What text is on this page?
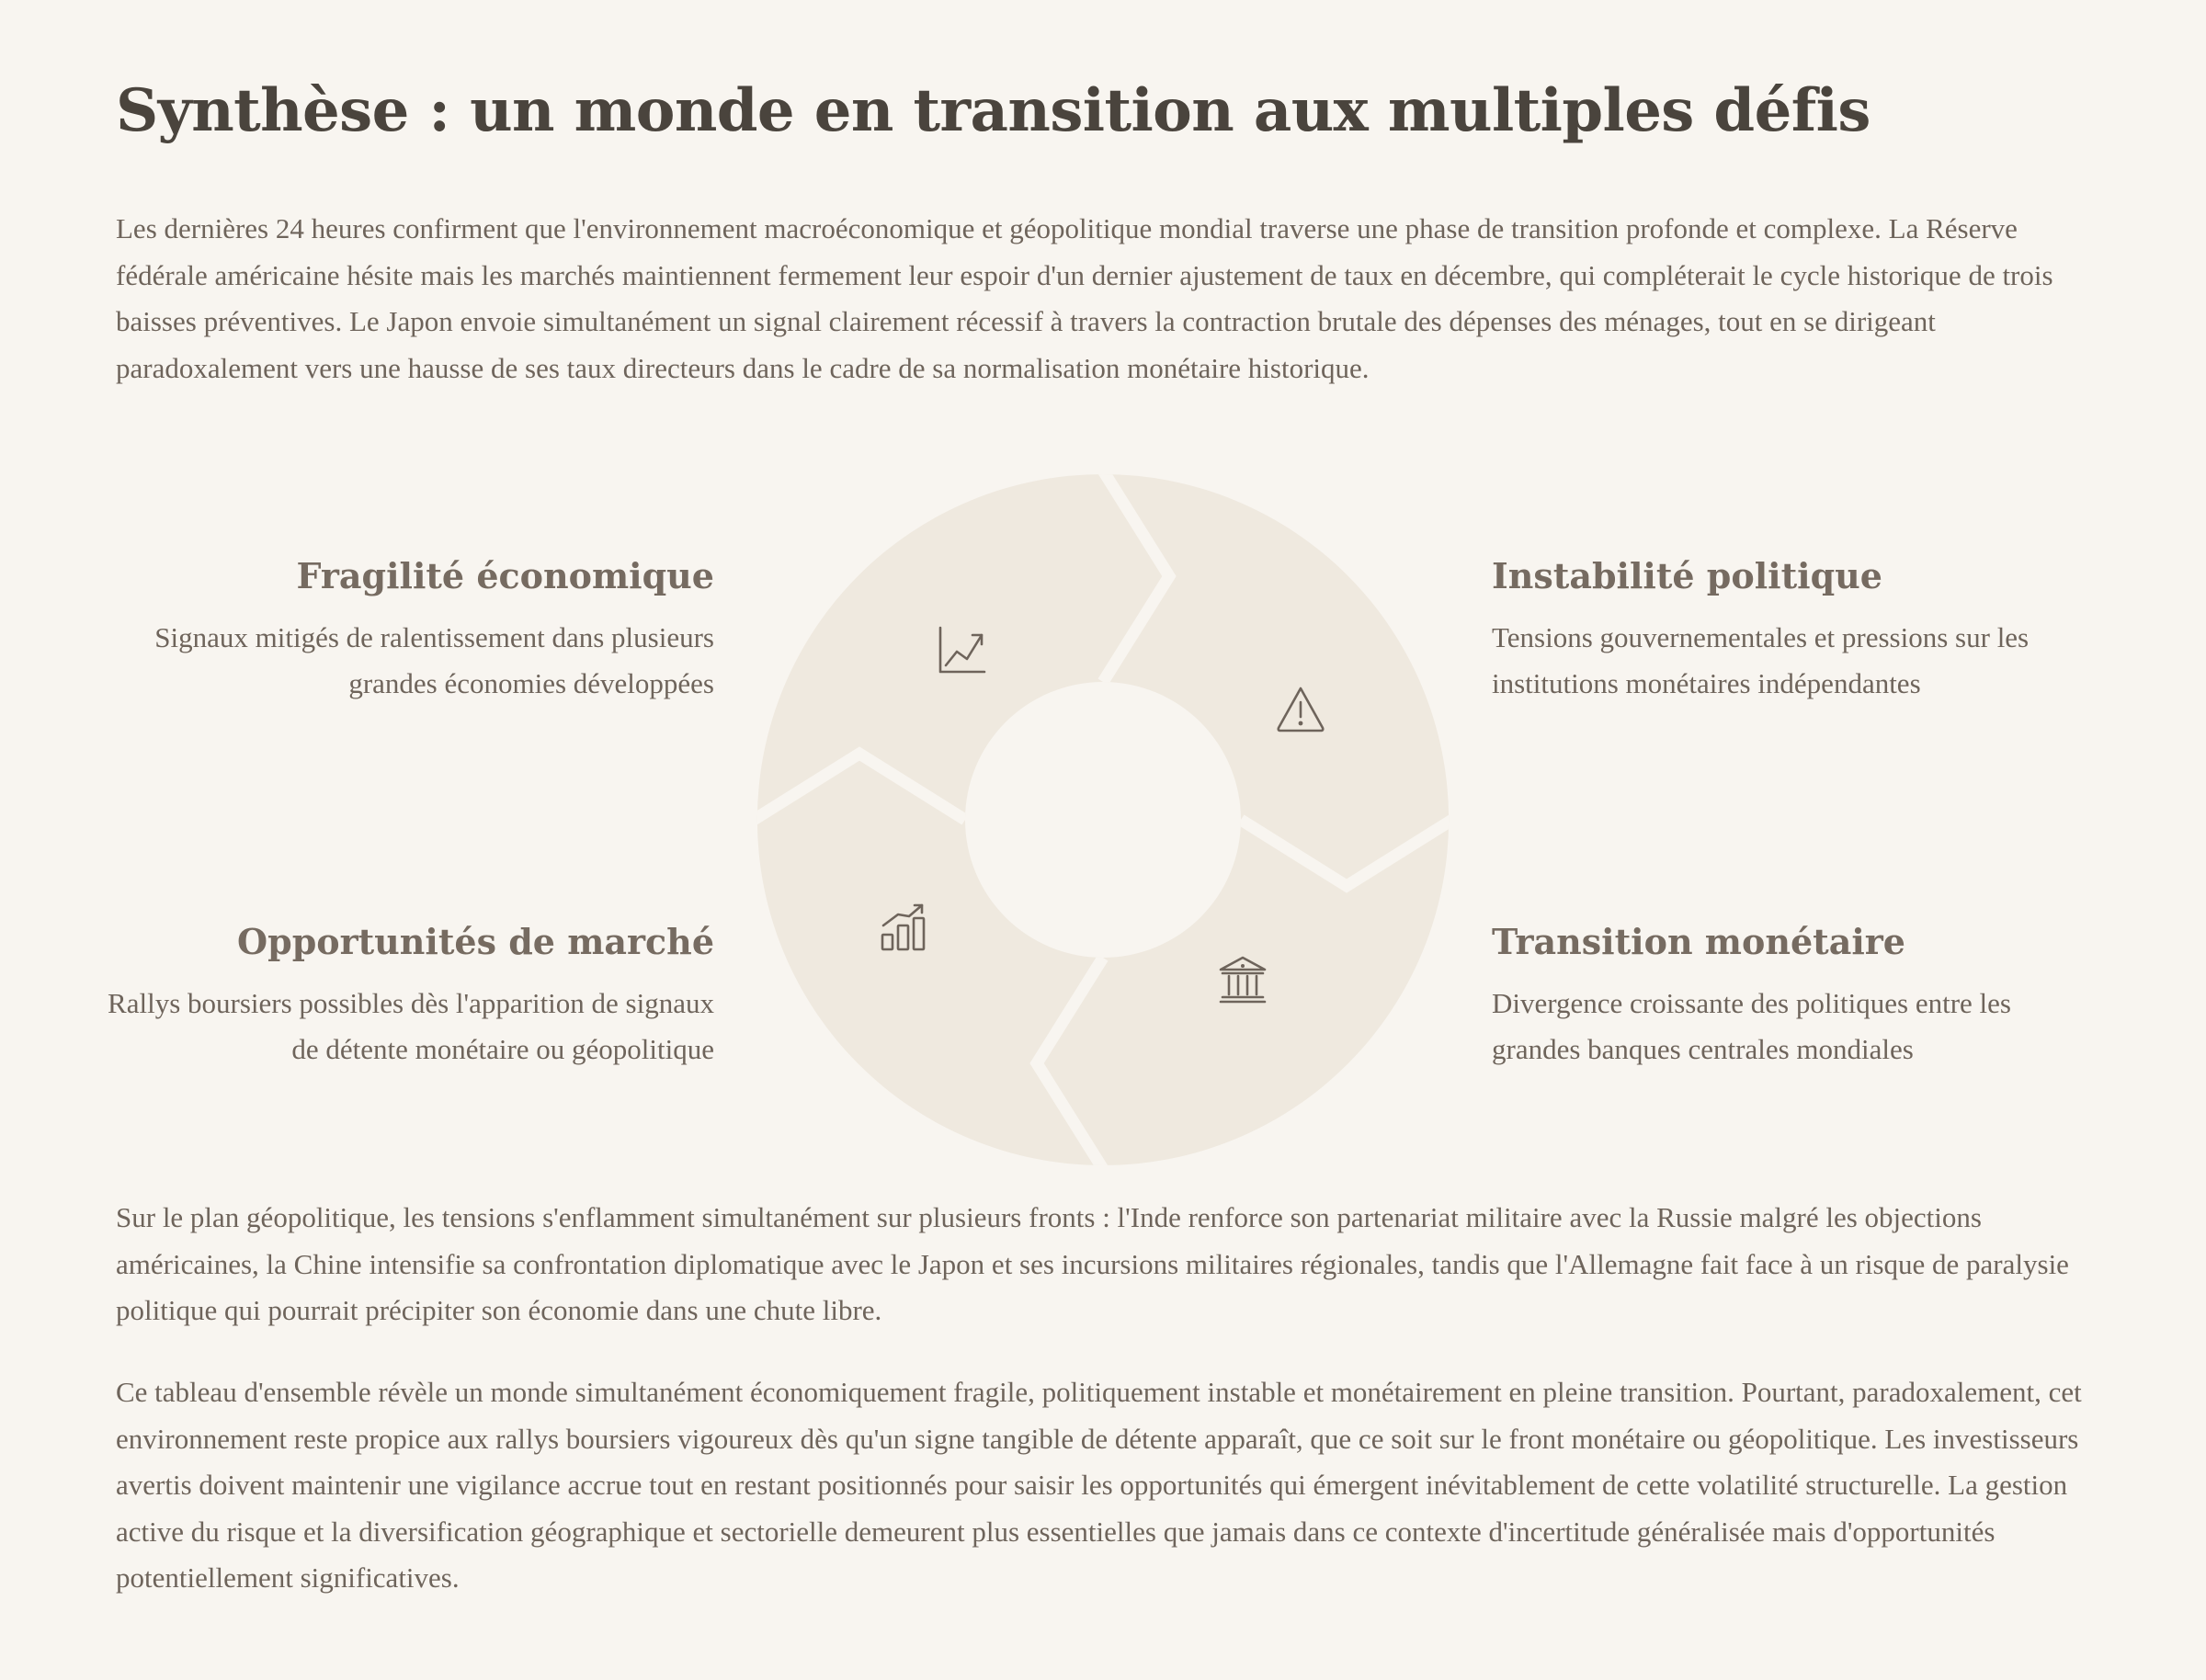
Synthèse : un monde en transition aux multiples défis

Les dernières 24 heures confirment que l'environnement macroéconomique et géopolitique mondial traverse une phase de transition profonde et complexe. La Réserve fédérale américaine hésite mais les marchés maintiennent fermement leur espoir d'un dernier ajustement de taux en décembre, qui compléterait le cycle historique de trois baisses préventives. Le Japon envoie simultanément un signal clairement récessif à travers la contraction brutale des dépenses des ménages, tout en se dirigeant paradoxalement vers une hausse de ses taux directeurs dans le cadre de sa normalisation monétaire historique.

Fragilité économique

Signaux mitigés de ralentissement dans plusieurs grandes économies développées

Opportunités de marché

Rallys boursiers possibles dès l'apparition de signaux de détente monétaire ou géopolitique

Instabilité politique

Tensions gouvernementales et pressions sur les institutions monétaires indépendantes

Transition monétaire

Divergence croissante des politiques entre les grandes banques centrales mondiales

Sur le plan géopolitique, les tensions s'enflamment simultanément sur plusieurs fronts : l'Inde renforce son partenariat militaire avec la Russie malgré les objections américaines, la Chine intensifie sa confrontation diplomatique avec le Japon et ses incursions militaires régionales, tandis que l'Allemagne fait face à un risque de paralysie politique qui pourrait précipiter son économie dans une chute libre.

Ce tableau d'ensemble révèle un monde simultanément économiquement fragile, politiquement instable et monétairement en pleine transition. Pourtant, paradoxalement, cet environnement reste propice aux rallys boursiers vigoureux dès qu'un signe tangible de détente apparaît, que ce soit sur le front monétaire ou géopolitique. Les investisseurs avertis doivent maintenir une vigilance accrue tout en restant positionnés pour saisir les opportunités qui émergent inévitablement de cette volatilité structurelle. La gestion active du risque et la diversification géographique et sectorielle demeurent plus essentielles que jamais dans ce contexte d'incertitude généralisée mais d'opportunités potentiellement significatives.
